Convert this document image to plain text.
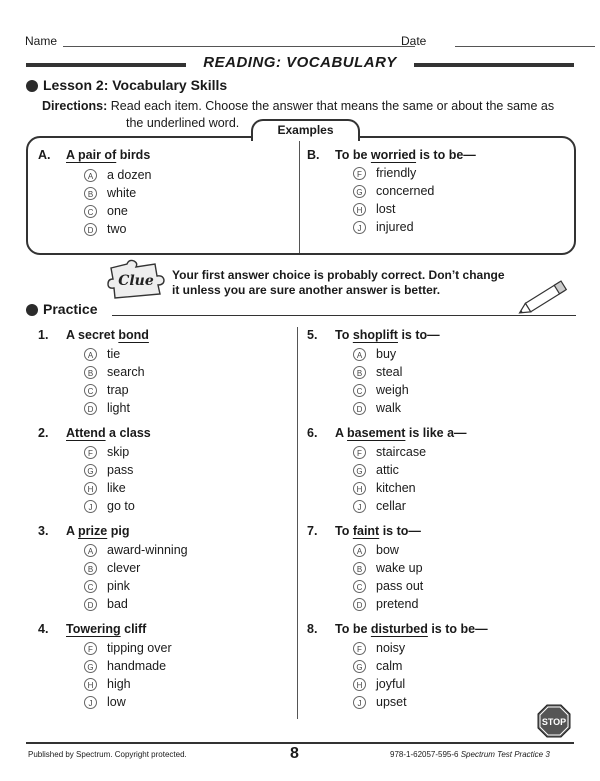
Name	Date
READING: VOCABULARY
Lesson 2: Vocabulary Skills
Directions: Read each item. Choose the answer that means the same or about the same as
the underlined word.	Examples
A. A pair of birds
A a dozen
B white
C one
D two
B. To be worried is to be—
F friendly
G concerned
H lost
J injured
Clue Your first answer choice is probably correct. Don’t change
it unless you are sure another answer is better.
Practice
1. A secret bond
A tie
B search
C trap
D light
2. Attend a class
F skip
G pass
H like
J go to
3. A prize pig
A award-winning
B clever
C pink
D bad
4. Towering cliff
F tipping over
G handmade
H high
J low
5. To shoplift is to—
A buy
B steal
C weigh
D walk
6. A basement is like a—
F staircase
G attic
H kitchen
J cellar
7. To faint is to—
A bow
B wake up
C pass out
D pretend
8. To be disturbed is to be—
F noisy
G calm
H joyful
J upset
STOP
Published by Spectrum. Copyright protected.	8	978-1-62057-595-6 Spectrum Test Practice 3
